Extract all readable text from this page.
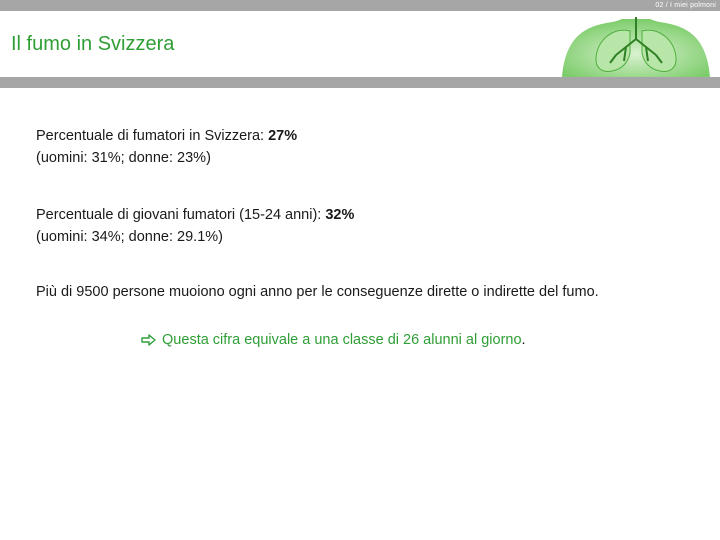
02 / I miei polmoni
Il fumo in Svizzera
Percentuale di fumatori in Svizzera: 27%
(uomini: 31%; donne: 23%)
Percentuale di giovani fumatori (15-24 anni): 32%
(uomini: 34%; donne: 29.1%)
Più di 9500 persone muoiono ogni anno per le conseguenze dirette o indirette del fumo.
Questa cifra equivale a una classe di 26 alunni al giorno.
